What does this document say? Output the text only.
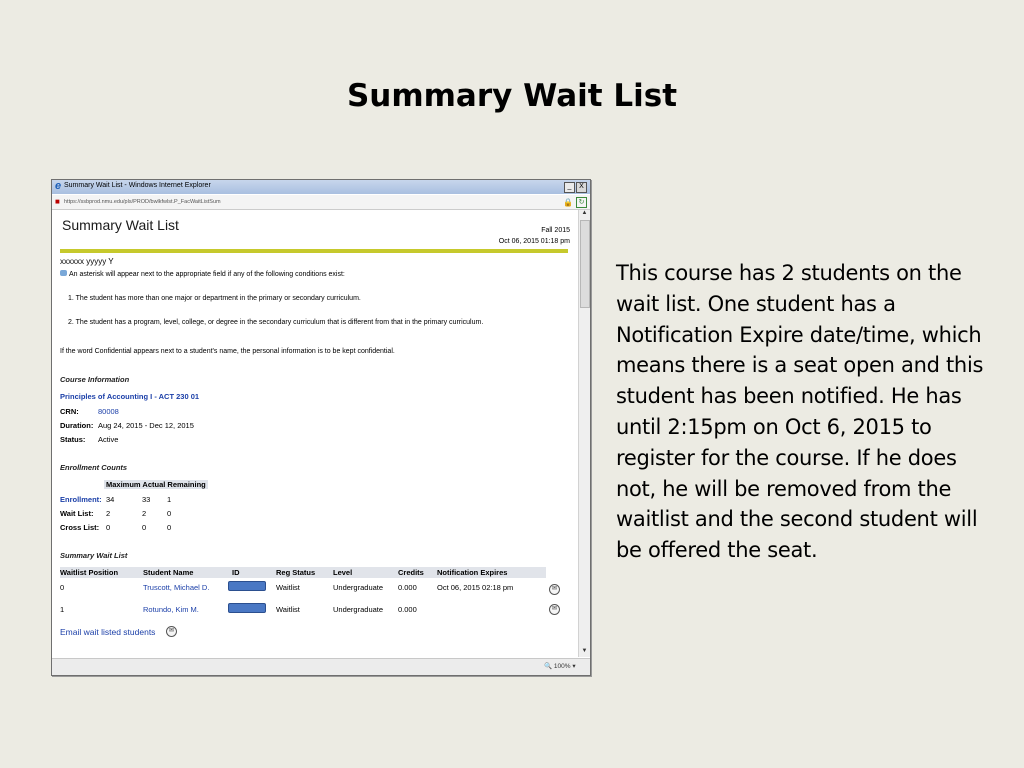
Summary Wait List
e Summary Wait List - Windows Internet Explorer	_	X
■ https://ssbprod.nmu.edu/pls/PROD/bwlkfwlst.P_FacWaitListSum	🔒 ↻
Summary Wait List	Fall 2015
Oct 06, 2015 01:18 pm
xxxxxx yyyyy Y
An asterisk will appear next to the appropriate field if any of the following conditions exist:
1. The student has more than one major or department in the primary or secondary curriculum.
2. The student has a program, level, college, or degree in the secondary curriculum that is different from that in the primary curriculum.
If the word Confidential appears next to a student's name, the personal information is to be kept confidential.
Course Information
Principles of Accounting I - ACT 230 01
CRN:	80008
Duration: Aug 24, 2015 - Dec 12, 2015
Status: Active
Enrollment Counts
Maximum Actual Remaining
Enrollment: 34	33 1
Wait List:	2	2	0
Cross List: 0	0	0
Summary Wait List
Waitlist Position	Student Name	ID	Reg Status Level	Credits Notification Expires
0	Truscott, Michael D.	Waitlist	Undergraduate 0.000	Oct 06, 2015 02:18 pm	✉
1	Rotundo, Kim M.	Waitlist	Undergraduate 0.000	✉
Email wait listed students	✉
▲
▼
🔍 100% ▾
This course has 2 students on the wait list. One student has a Notification Expire date/time, which means there is a seat open and this student has been notified. He has until 2:15pm on Oct 6, 2015 to register for the course. If he does not, he will be removed from the waitlist and the second student will be offered the seat.
